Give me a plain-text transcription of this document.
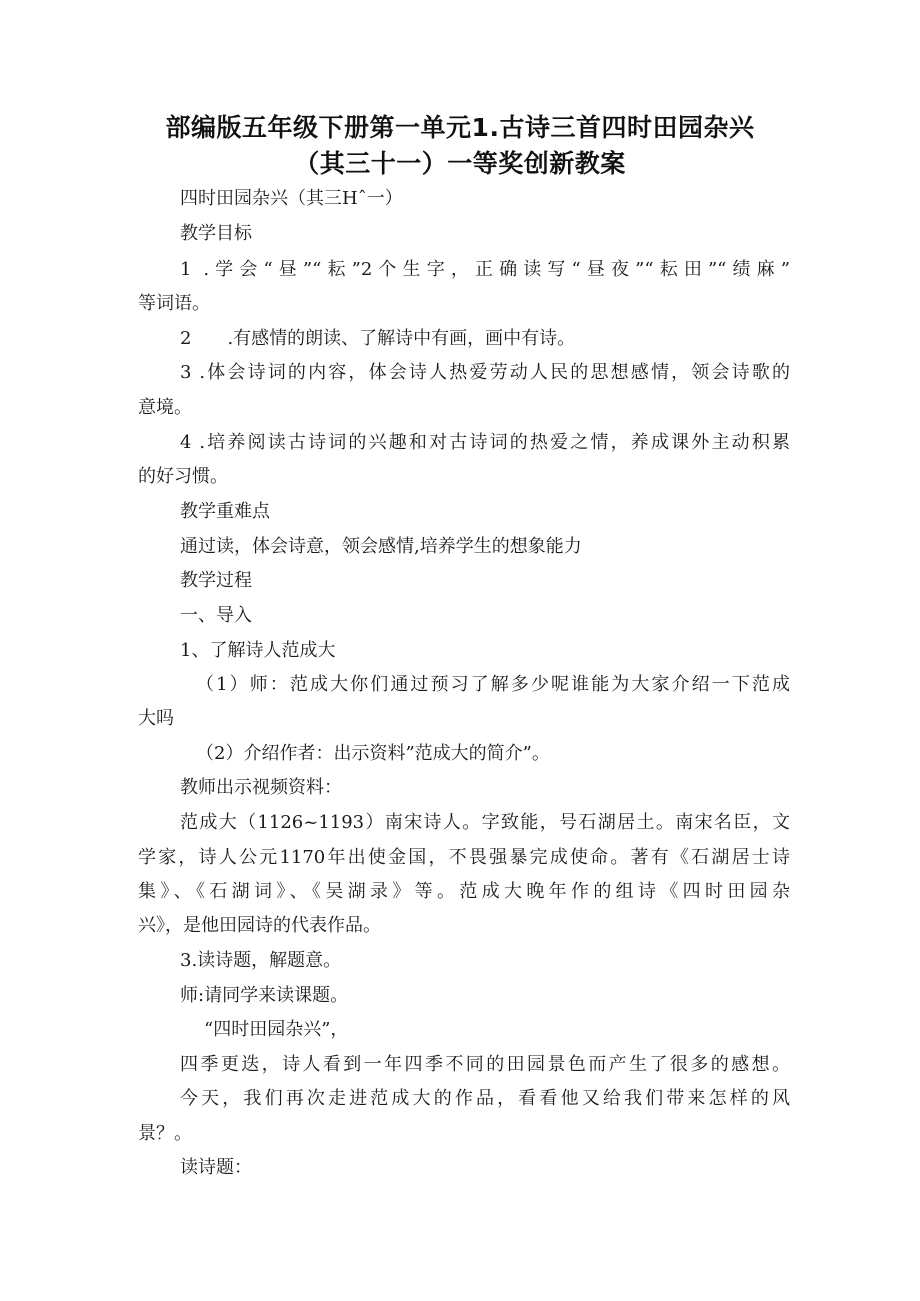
部编版五年级下册第一单元1.古诗三首四时田园杂兴
（其三十一）一等奖创新教案

四时田园杂兴（其三Hˆ一）

教学目标

1 .学会“昼”“耘”2个生字，正确读写“昼夜”“耘田”“绩麻”

等词语。

2　　.有感情的朗读、了解诗中有画，画中有诗。

3 .体会诗词的内容，体会诗人热爱劳动人民的思想感情，领会诗歌的

意境。

4 .培养阅读古诗词的兴趣和对古诗词的热爱之情，养成课外主动积累

的好习惯。

教学重难点

通过读，体会诗意，领会感情,培养学生的想象能力

教学过程

一、导入

1、了解诗人范成大

（1）师：范成大你们通过预习了解多少呢谁能为大家介绍一下范成

大吗

（2）介绍作者：出示资料”范成大的简介”。

教师出示视频资料：

范成大（1126~1193）南宋诗人。字致能，号石湖居土。南宋名臣，文

学家，诗人公元1170年出使金国，不畏强暴完成使命。著有《石湖居士诗

集》、《石湖词》、《吴湖录》等。范成大晚年作的组诗《四时田园杂

兴》，是他田园诗的代表作品。

3.读诗题，解题意。

师:请同学来读课题。

“四时田园杂兴”，

四季更迭，诗人看到一年四季不同的田园景色而产生了很多的感想。

今天，我们再次走进范成大的作品，看看他又给我们带来怎样的风

景？。

读诗题：
